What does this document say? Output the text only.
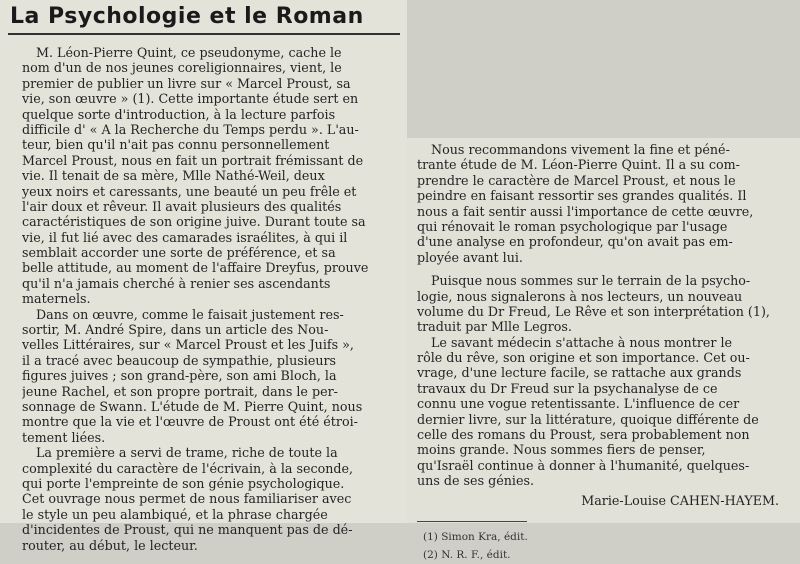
La Psychologie et le Roman
M. Léon-Pierre Quint, ce pseudonyme, cache le
nom d'un de nos jeunes coreligionnaires, vient, le
premier de publier un livre sur « Marcel Proust, sa
vie, son œuvre » (1). Cette importante étude sert en
quelque sorte d'introduction, à la lecture parfois
difficile d' « A la Recherche du Temps perdu ». L'au-
teur, bien qu'il n'ait pas connu personnellement
Marcel Proust, nous en fait un portrait frémissant de
vie. Il tenait de sa mère, Mlle Nathé-Weil, deux
yeux noirs et caressants, une beauté un peu frêle et
l'air doux et rêveur. Il avait plusieurs des qualités
caractéristiques de son origine juive. Durant toute sa
vie, il fut lié avec des camarades israélites, à qui il
semblait accorder une sorte de préférence, et sa
belle attitude, au moment de l'affaire Dreyfus, prouve
qu'il n'a jamais cherché à renier ses ascendants
maternels.
Dans on œuvre, comme le faisait justement res-
sortir, M. André Spire, dans un article des Nou-
velles Littéraires, sur « Marcel Proust et les Juifs »,
il a tracé avec beaucoup de sympathie, plusieurs
figures juives ; son grand-père, son ami Bloch, la
jeune Rachel, et son propre portrait, dans le per-
sonnage de Swann. L'étude de M. Pierre Quint, nous
montre que la vie et l'œuvre de Proust ont été étroi-
tement liées.
La première a servi de trame, riche de toute la
complexité du caractère de l'écrivain, à la seconde,
qui porte l'empreinte de son génie psychologique.
Cet ouvrage nous permet de nous familiariser avec
le style un peu alambiqué, et la phrase chargée
d'incidentes de Proust, qui ne manquent pas de dé-
router, au début, le lecteur.
Nous recommandons vivement la fine et péné-
trante étude de M. Léon-Pierre Quint. Il a su com-
prendre le caractère de Marcel Proust, et nous le
peindre en faisant ressortir ses grandes qualités. Il
nous a fait sentir aussi l'importance de cette œuvre,
qui rénovait le roman psychologique par l'usage
d'une analyse en profondeur, qu'on avait pas em-
ployée avant lui.
Puisque nous sommes sur le terrain de la psycho-
logie, nous signalerons à nos lecteurs, un nouveau
volume du Dr Freud, Le Rêve et son interprétation (1),
traduit par Mlle Legros.
Le savant médecin s'attache à nous montrer le
rôle du rêve, son origine et son importance. Cet ou-
vrage, d'une lecture facile, se rattache aux grands
travaux du Dr Freud sur la psychanalyse de ce
connu une vogue retentissante. L'influence de cer
dernier livre, sur la littérature, quoique différente de
celle des romans du Proust, sera probablement non
moins grande. Nous sommes fiers de penser,
qu'Israël continue à donner à l'humanité, quelques-
uns de ses génies.
Marie-Louise CAHEN-HAYEM.
(1) Simon Kra, édit.
(2) N. R. F., édit.
